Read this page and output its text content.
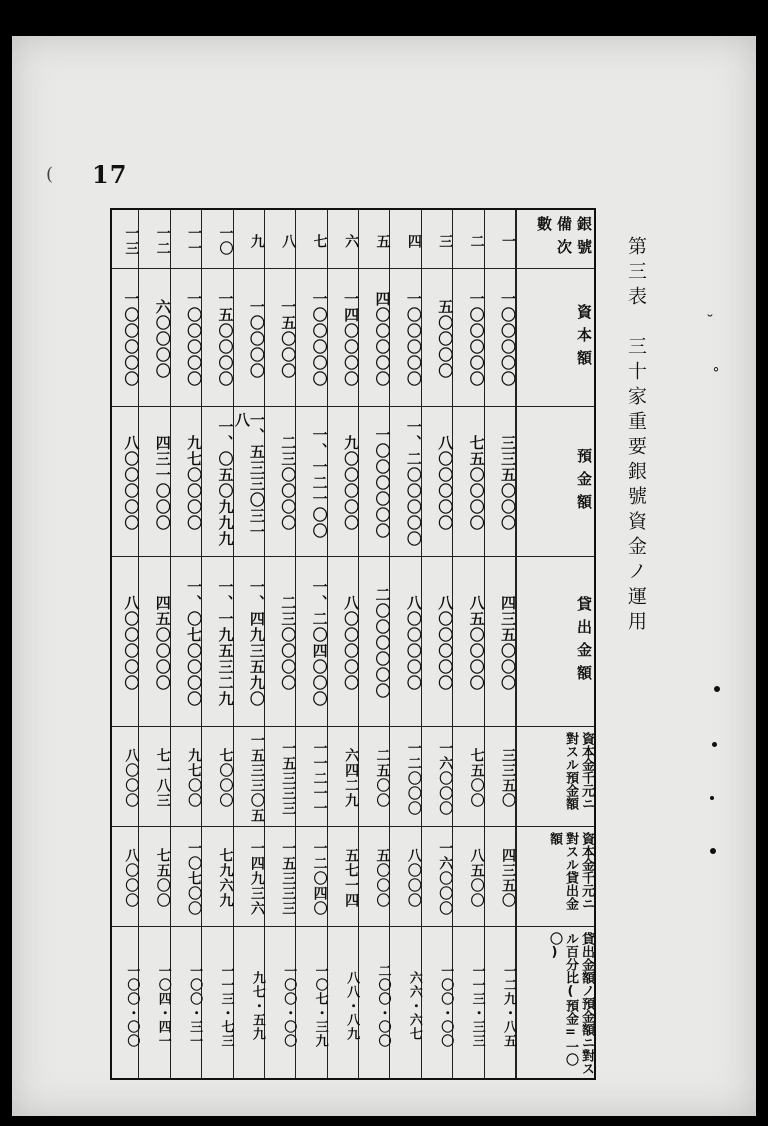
( 17
第三表　三十家重要銀號資金ノ運用
銀號備次數
資本額
預金額
貸出金額
資本金千元ニ對スル預金額
資本金千元ニ對スル貸出金額
貸出金額ノ預金額ニ對スル百分比(預金=一〇〇)
一
一〇〇〇〇〇
三三五〇〇〇
四三五〇〇〇
三三五〇
四三五〇
一二九・八五
二
一〇〇〇〇〇
七五〇〇〇〇
八五〇〇〇〇
七五〇〇
八五〇〇
一一三・三三
三
五〇〇〇〇
八〇〇〇〇〇
八〇〇〇〇〇
一六〇〇〇
一六〇〇〇
一〇〇・〇〇
四
一〇〇〇〇〇
一、二〇〇〇〇〇
八〇〇〇〇〇
一二〇〇〇
八〇〇〇
六六・六七
五
四〇〇〇〇〇
一〇〇〇〇〇〇
二〇〇〇〇〇〇
二五〇〇
五〇〇〇
二〇〇・〇〇
六
一四〇〇〇〇
九〇〇〇〇〇
八〇〇〇〇〇
六四二九
五七一四
八八・八九
七
一〇〇〇〇〇
一、一二一〇〇
一、二〇四〇〇〇
一一二一一
一二〇四〇
一〇七・三九
八
一五〇〇〇
二三〇〇〇〇
二三〇〇〇〇
一五三三三
一五三三三
一〇〇・〇〇
九
一〇〇〇〇
一、五三三〇三一八
一、四九三五九〇
一五三三〇五
一四九三六
九七・五九
一〇
一五〇〇〇〇
一、〇五〇九九九
一、一九五三二九
七〇〇〇
七九六九
一一三・七三
一一
一〇〇〇〇〇
九七〇〇〇〇
一、〇七〇〇〇〇
九七〇〇
一〇七〇〇
一〇〇・三一
一二
六〇〇〇〇
四三一〇〇〇
四五〇〇〇〇
七一八三
七五〇〇
一〇四・四一
一三
一〇〇〇〇〇
八〇〇〇〇〇
八〇〇〇〇〇
八〇〇〇
八〇〇〇
一〇〇・〇〇
˘
˚
